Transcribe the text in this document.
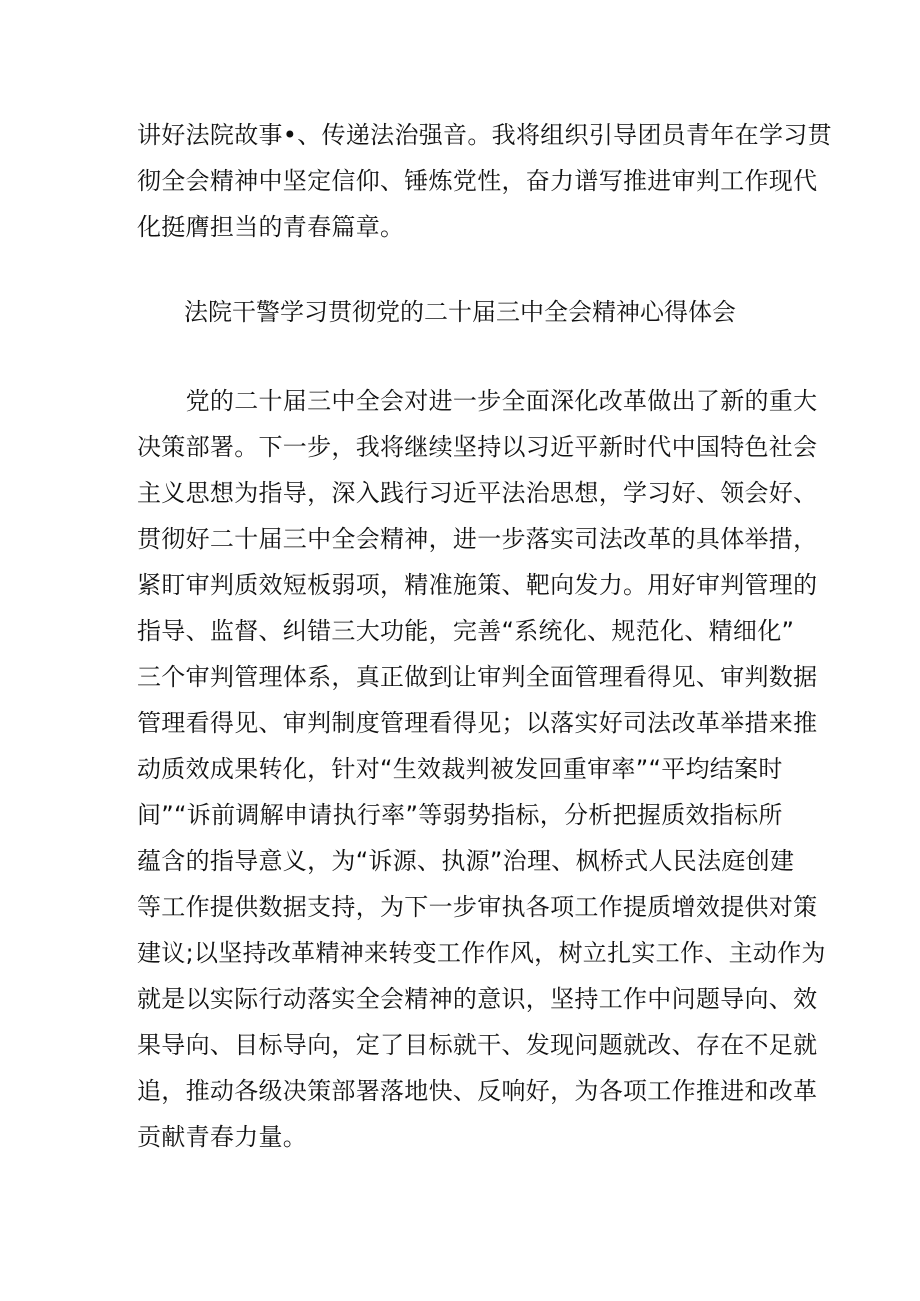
讲好法院故事•、传递法治强音。我将组织引导团员青年在学习贯
彻全会精神中坚定信仰、锤炼党性，奋力谱写推进审判工作现代
化挺膺担当的青春篇章。
法院干警学习贯彻党的二十届三中全会精神心得体会
　　党的二十届三中全会对进一步全面深化改革做出了新的重大
决策部署。下一步，我将继续坚持以习近平新时代中国特色社会
主义思想为指导，深入践行习近平法治思想，学习好、领会好、
贯彻好二十届三中全会精神，进一步落实司法改革的具体举措，
紧盯审判质效短板弱项，精准施策、靶向发力。用好审判管理的
指导、监督、纠错三大功能，完善“系统化、规范化、精细化”
三个审判管理体系，真正做到让审判全面管理看得见、审判数据
管理看得见、审判制度管理看得见；以落实好司法改革举措来推
动质效成果转化，针对“生效裁判被发回重审率”“平均结案时
间”“诉前调解申请执行率”等弱势指标，分析把握质效指标所
蕴含的指导意义，为“诉源、执源”治理、枫桥式人民法庭创建
等工作提供数据支持，为下一步审执各项工作提质增效提供对策
建议;以坚持改革精神来转变工作作风，树立扎实工作、主动作为
就是以实际行动落实全会精神的意识，坚持工作中问题导向、效
果导向、目标导向，定了目标就干、发现问题就改、存在不足就
追，推动各级决策部署落地快、反响好，为各项工作推进和改革
贡献青春力量。
